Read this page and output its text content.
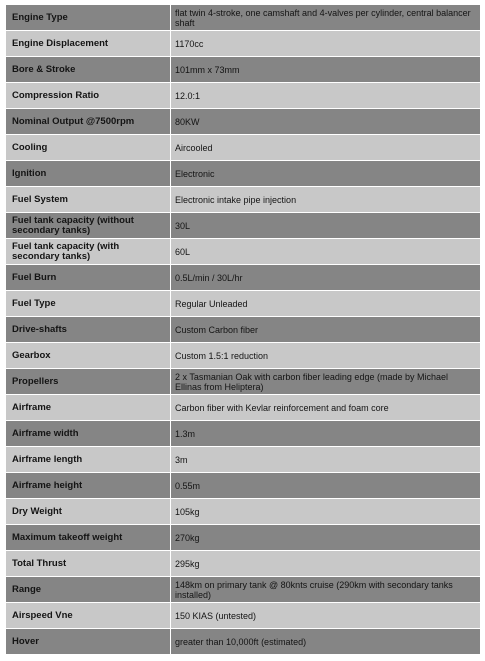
Engine Type	flat twin 4-stroke, one camshaft and 4-valves per cylinder, central balancer shaft
Engine Displacement	1170cc
Bore & Stroke	101mm x 73mm
Compression Ratio	12.0:1
Nominal Output @7500rpm	80KW
Cooling	Aircooled
Ignition	Electronic
Fuel System	Electronic intake pipe injection
Fuel tank capacity (without secondary tanks)	30L
Fuel tank capacity (with secondary tanks)	60L
Fuel Burn	0.5L/min / 30L/hr
Fuel Type	Regular Unleaded
Drive-shafts	Custom Carbon fiber
Gearbox	Custom 1.5:1 reduction
Propellers	2 x Tasmanian Oak with carbon fiber leading edge (made by Michael Ellinas from Heliptera)
Airframe	Carbon fiber with Kevlar reinforcement and foam core
Airframe width	1.3m
Airframe length	3m
Airframe height	0.55m
Dry Weight	105kg
Maximum takeoff weight	270kg
Total Thrust	295kg
Range	148km on primary tank @ 80knts cruise (290km with secondary tanks installed)
Airspeed Vne	150 KIAS (untested)
Hover	greater than 10,000ft (estimated)
